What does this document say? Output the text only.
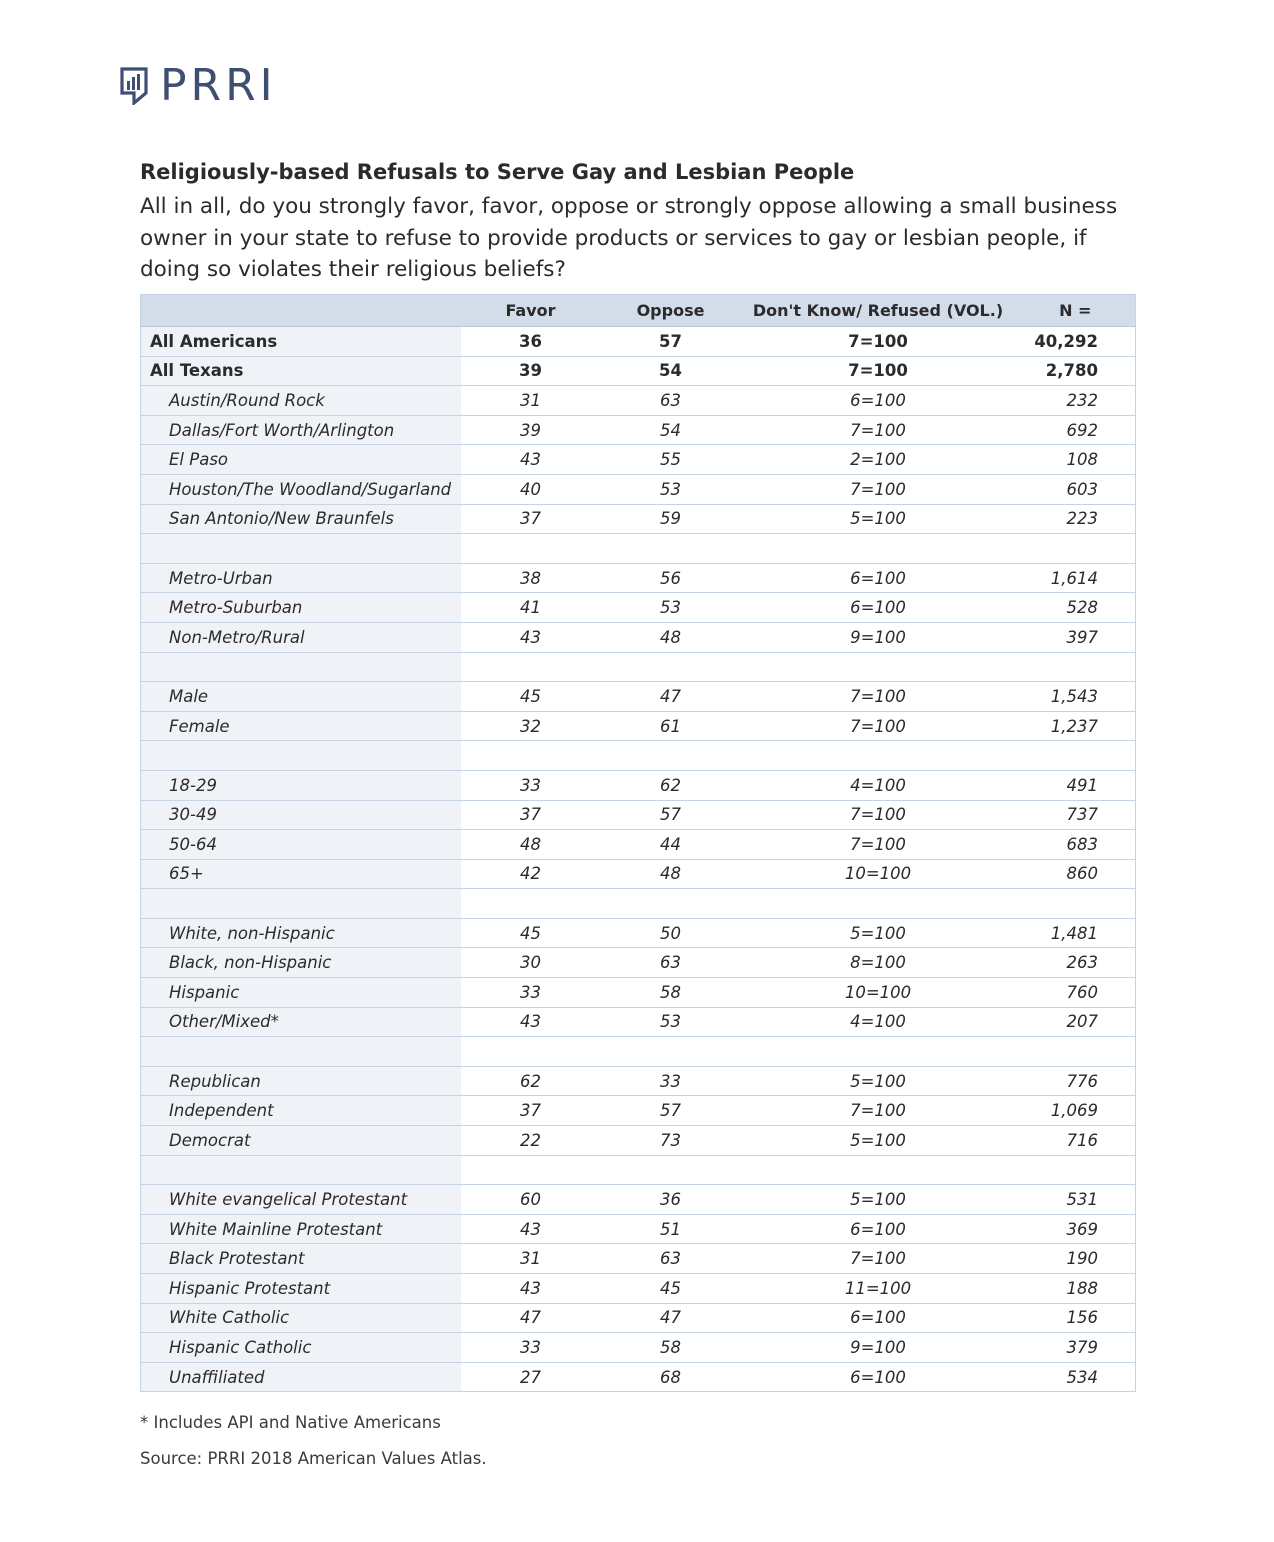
PRRI
Religiously-based Refusals to Serve Gay and Lesbian People
All in all, do you strongly favor, favor, oppose or strongly oppose allowing a small business owner in your state to refuse to provide products or services to gay or lesbian people, if doing so violates their religious beliefs?
	Favor	Oppose	Don't Know/ Refused (VOL.)	N =
All Americans	36	57	7=100	40,292
All Texans	39	54	7=100	2,780
Austin/Round Rock	31	63	6=100	232
Dallas/Fort Worth/Arlington	39	54	7=100	692
El Paso	43	55	2=100	108
Houston/The Woodland/Sugarland	40	53	7=100	603
San Antonio/New Braunfels	37	59	5=100	223

Metro-Urban	38	56	6=100	1,614
Metro-Suburban	41	53	6=100	528
Non-Metro/Rural	43	48	9=100	397

Male	45	47	7=100	1,543
Female	32	61	7=100	1,237

18-29	33	62	4=100	491
30-49	37	57	7=100	737
50-64	48	44	7=100	683
65+	42	48	10=100	860

White, non-Hispanic	45	50	5=100	1,481
Black, non-Hispanic	30	63	8=100	263
Hispanic	33	58	10=100	760
Other/Mixed*	43	53	4=100	207

Republican	62	33	5=100	776
Independent	37	57	7=100	1,069
Democrat	22	73	5=100	716

White evangelical Protestant	60	36	5=100	531
White Mainline Protestant	43	51	6=100	369
Black Protestant	31	63	7=100	190
Hispanic Protestant	43	45	11=100	188
White Catholic	47	47	6=100	156
Hispanic Catholic	33	58	9=100	379
Unaffiliated	27	68	6=100	534
* Includes API and Native Americans
Source: PRRI 2018 American Values Atlas.
